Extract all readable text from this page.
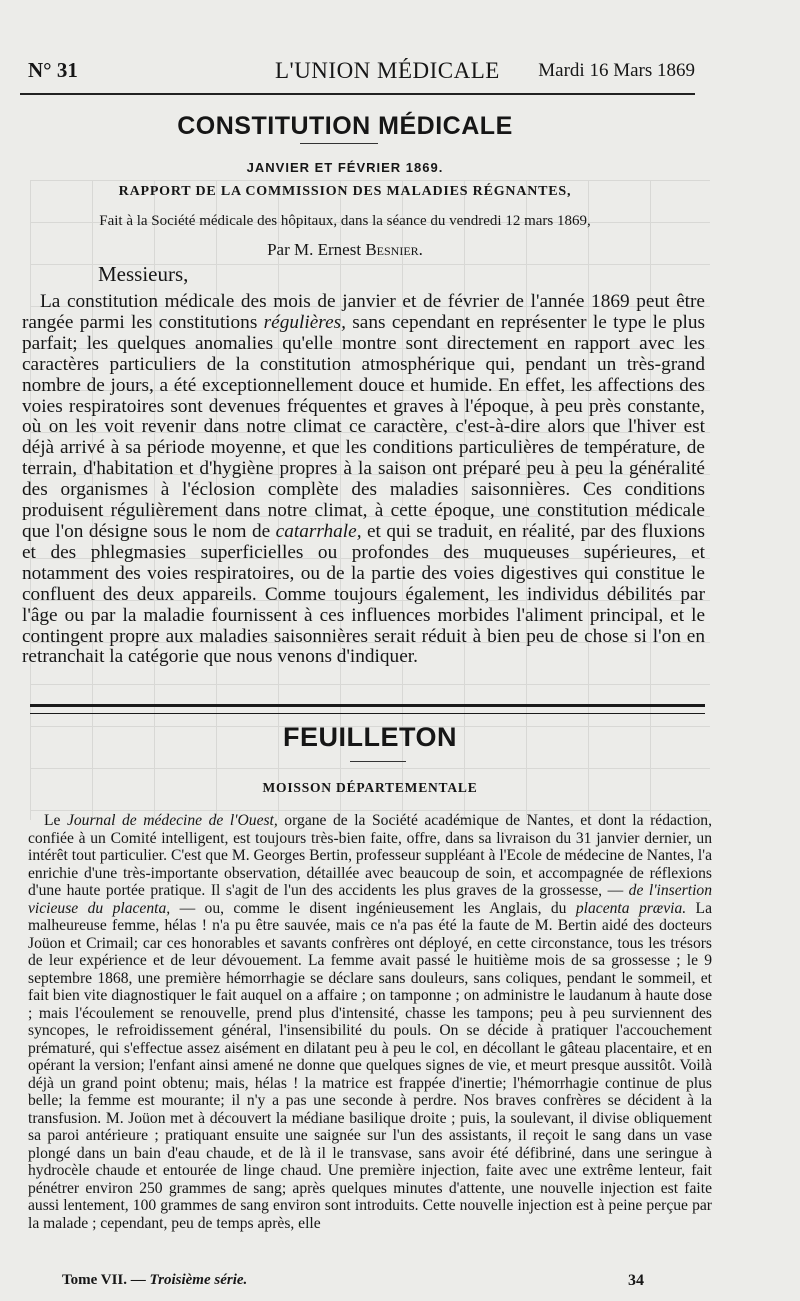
N° 31	L'UNION MÉDICALE Mardi 16 Mars 1869
CONSTITUTION MÉDICALE
JANVIER ET FÉVRIER 1869.
RAPPORT DE LA COMMISSION DES MALADIES RÉGNANTES,
Fait à la Société médicale des hôpitaux, dans la séance du vendredi 12 mars 1869,
Par M. Ernest Besnier.
Messieurs,
La constitution médicale des mois de janvier et de février de l'année 1869 peut être rangée parmi les constitutions régulières, sans cependant en représenter le type le plus parfait; les quelques anomalies qu'elle montre sont directement en rapport avec les caractères particuliers de la constitution atmosphérique qui, pendant un très-grand nombre de jours, a été exceptionnellement douce et humide. En effet, les affections des voies respiratoires sont devenues fréquentes et graves à l'époque, à peu près constante, où on les voit revenir dans notre climat ce caractère, c'est-à-dire alors que l'hiver est déjà arrivé à sa période moyenne, et que les conditions particulières de température, de terrain, d'habitation et d'hygiène propres à la saison ont préparé peu à peu la généralité des organismes à l'éclosion complète des maladies saisonnières. Ces conditions produisent régulièrement dans notre climat, à cette époque, une constitution médicale que l'on désigne sous le nom de catarrhale, et qui se traduit, en réalité, par des fluxions et des phlegmasies superficielles ou profondes des muqueuses supérieures, et notamment des voies respiratoires, ou de la partie des voies digestives qui constitue le confluent des deux appareils. Comme toujours également, les individus débilités par l'âge ou par la maladie fournissent à ces influences morbides l'aliment principal, et le contingent propre aux maladies saisonnières serait réduit à bien peu de chose si l'on en retranchait la catégorie que nous venons d'indiquer.
FEUILLETON
MOISSON DÉPARTEMENTALE
Le Journal de médecine de l'Ouest, organe de la Société académique de Nantes, et dont la rédaction, confiée à un Comité intelligent, est toujours très-bien faite, offre, dans sa livraison du 31 janvier dernier, un intérêt tout particulier. C'est que M. Georges Bertin, professeur suppléant à l'Ecole de médecine de Nantes, l'a enrichie d'une très-importante observation, détaillée avec beaucoup de soin, et accompagnée de réflexions d'une haute portée pratique. Il s'agit de l'un des accidents les plus graves de la grossesse, — de l'insertion vicieuse du placenta, — ou, comme le disent ingénieusement les Anglais, du placenta prævia. La malheureuse femme, hélas ! n'a pu être sauvée, mais ce n'a pas été la faute de M. Bertin aidé des docteurs Joüon et Crimail; car ces honorables et savants confrères ont déployé, en cette circonstance, tous les trésors de leur expérience et de leur dévouement. La femme avait passé le huitième mois de sa grossesse ; le 9 septembre 1868, une première hémorrhagie se déclare sans douleurs, sans coliques, pendant le sommeil, et fait bien vite diagnostiquer le fait auquel on a affaire ; on tamponne ; on administre le laudanum à haute dose ; mais l'écoulement se renouvelle, prend plus d'intensité, chasse les tampons; peu à peu surviennent des syncopes, le refroidissement général, l'insensibilité du pouls. On se décide à pratiquer l'accouchement prématuré, qui s'effectue assez aisément en dilatant peu à peu le col, en décollant le gâteau placentaire, et en opérant la version; l'enfant ainsi amené ne donne que quelques signes de vie, et meurt presque aussitôt. Voilà déjà un grand point obtenu; mais, hélas ! la matrice est frappée d'inertie; l'hémorrhagie continue de plus belle; la femme est mourante; il n'y a pas une seconde à perdre. Nos braves confrères se décident à la transfusion. M. Joüon met à découvert la médiane basilique droite ; puis, la soulevant, il divise obliquement sa paroi antérieure ; pratiquant ensuite une saignée sur l'un des assistants, il reçoit le sang dans un vase plongé dans un bain d'eau chaude, et de là il le transvase, sans avoir été défibriné, dans une seringue à hydrocèle chaude et entourée de linge chaud. Une première injection, faite avec une extrême lenteur, fait pénétrer environ 250 grammes de sang; après quelques minutes d'attente, une nouvelle injection est faite aussi lentement, 100 grammes de sang environ sont introduits. Cette nouvelle injection est à peine perçue par la malade ; cependant, peu de temps après, elle
Tome VII. — Troisième série.	34
